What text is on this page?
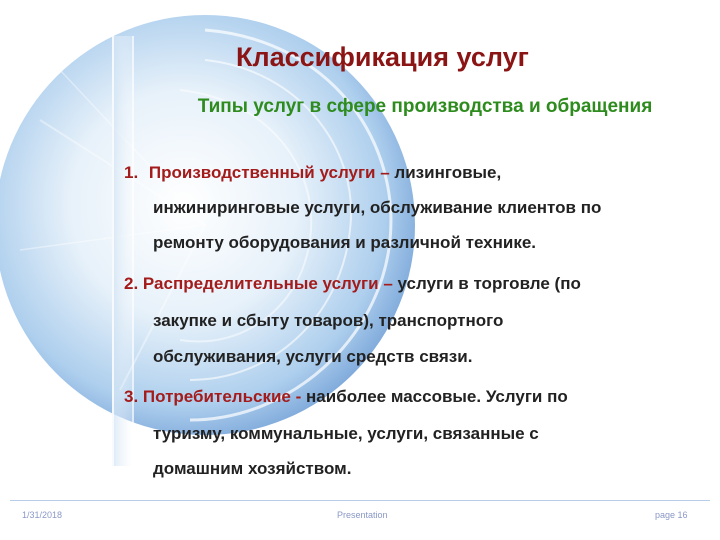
Классификация услуг
Типы услуг в сфере производства и обращения
1. Производственный услуги – лизинговые,
инжиниринговые услуги, обслуживание клиентов по
ремонту оборудования и различной технике.
2. Распределительные услуги – услуги в торговле (по
закупке и сбыту товаров), транспортного
обслуживания, услуги средств связи.
3. Потребительские - наиболее массовые. Услуги по
туризму, коммунальные, услуги, связанные с
домашним хозяйством.
1/31/2018	Presentation	page 16
